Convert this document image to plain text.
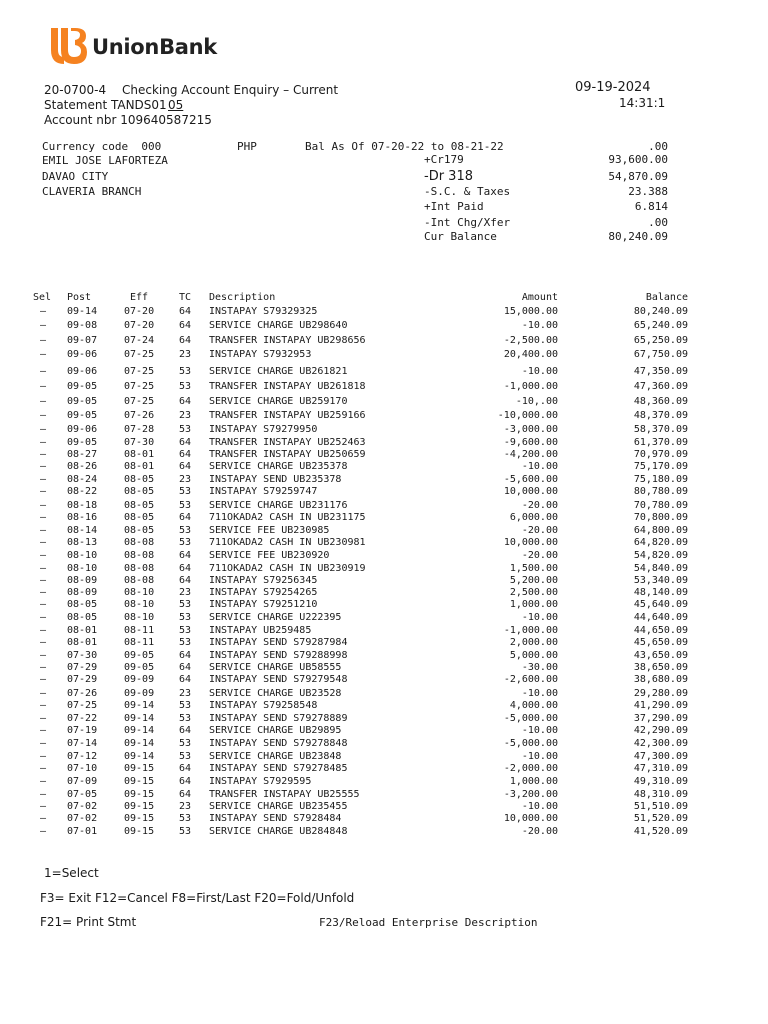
UnionBank

20-0700-4 Checking Account Enquiry – Current	09-19-2024
Statement TANDS01 05	14:31:1
Account nbr 109640587215
Currency code  000	PHP	Bal As Of 07-20-22 to 08-21-22	.00
EMIL JOSE LAFORTEZA
DAVAO CITY
CLAVERIA BRANCH
+Cr179	93,600.00
-Dr 318	54,870.09
-S.C. & Taxes	23.388
+Int Paid	6.814
-Int Chg/Xfer	.00
Cur Balance	80,240.09
Sel Post	Eff	TC Description	Amount	Balance
–	09-14	07-20 64 INSTAPAY S79329325	15,000.00	80,240.09
–	09-08	07-20 64 SERVICE CHARGE UB298640	-10.00	65,240.09
–	09-07	07-24 64 TRANSFER INSTAPAY UB298656	-2,500.00	65,250.09
–	09-06	07-25 23 INSTAPAY S7932953	20,400.00	67,750.09
–	09-06	07-25 53 SERVICE CHARGE UB261821	-10.00	47,350.09
–	09-05	07-25 53 TRANSFER INSTAPAY UB261818	-1,000.00	47,360.09
–	09-05	07-25 64 SERVICE CHARGE UB259170	-10,.00	48,360.09
–	09-05	07-26 23 TRANSFER INSTAPAY UB259166	-10,000.00	48,370.09
–	09-06	07-28 53 INSTAPAY S79279950	-3,000.00	58,370.09
–	09-05	07-30 64 TRANSFER INSTAPAY UB252463	-9,600.00	61,370.09
–	08-27	08-01 64 TRANSFER INSTAPAY UB250659	-4,200.00	70,970.09
–	08-26	08-01 64 SERVICE CHARGE UB235378	-10.00	75,170.09
–	08-24	08-05 23 INSTAPAY SEND UB235378	-5,600.00	75,180.09
–	08-22	08-05 53 INSTAPAY S79259747	10,000.00	80,780.09
–	08-18	08-05 53 SERVICE CHARGE UB231176	-20.00	70,780.09
–	08-16	08-05 64 711OKADA2 CASH IN UB231175	6,000.00	70,800.09
–	08-14	08-05 53 SERVICE FEE UB230985	-20.00	64,800.09
–	08-13	08-08 53 711OKADA2 CASH IN UB230981	10,000.00	64,820.09
–	08-10	08-08 64 SERVICE FEE UB230920	-20.00	54,820.09
–	08-10	08-08 64 711OKADA2 CASH IN UB230919	1,500.00	54,840.09
–	08-09	08-08 64 INSTAPAY S79256345	5,200.00	53,340.09
–	08-09	08-10 23 INSTAPAY S79254265	2,500.00	48,140.09
–	08-05	08-10 53 INSTAPAY S79251210	1,000.00	45,640.09
–	08-05	08-10 53 SERVICE CHARGE U222395	-10.00	44,640.09
–	08-01	08-11 53 INSTAPAY UB259485	-1,000.00	44,650.09
–	08-01	08-11 53 INSTAPAY SEND S79287984	2,000.00	45,650.09
–	07-30	09-05 64 INSTAPAY SEND S79288998	5,000.00	43,650.09
–	07-29	09-05 64 SERVICE CHARGE UB58555	-30.00	38,650.09
–	07-29	09-09 64 INSTAPAY SEND S79279548	-2,600.00	38,680.09
–	07-26	09-09 23 SERVICE CHARGE UB23528	-10.00	29,280.09
–	07-25	09-14 53 INSTAPAY S79258548	4,000.00	41,290.09
–	07-22	09-14 53 INSTAPAY SEND S79278889	-5,000.00	37,290.09
–	07-19	09-14 64 SERVICE CHARGE UB29895	-10.00	42,290.09
–	07-14	09-14 53 INSTAPAY SEND S79278848	-5,000.00	42,300.09
–	07-12	09-14 53 SERVICE CHARGE UB23848	-10.00	47,300.09
–	07-10	09-15 64 INSTAPAY SEND S79278485	-2,000.00	47,310.09
–	07-09	09-15 64 INSTAPAY S7929595	1,000.00	49,310.09
–	07-05	09-15 64 TRANSFER INSTAPAY UB25555	-3,200.00	48,310.09
–	07-02	09-15 23 SERVICE CHARGE UB235455	-10.00	51,510.09
–	07-02	09-15 53 INSTAPAY SEND S7928484	10,000.00	51,520.09
–	07-01	09-15 53 SERVICE CHARGE UB284848	-20.00	41,520.09
1=Select
F3= Exit F12=Cancel F8=First/Last F20=Fold/Unfold
F21= Print Stmt	F23/Reload Enterprise Description
